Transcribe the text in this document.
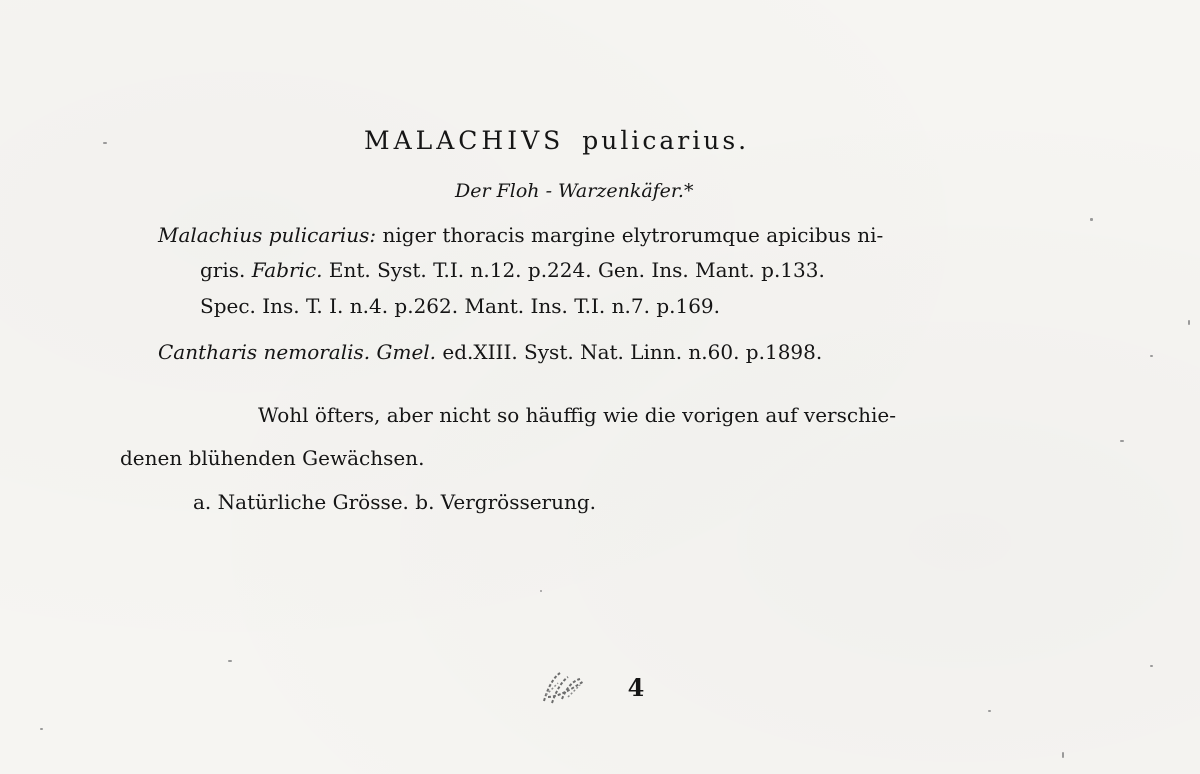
MALACHIVS pulicarius.
Der Floh - Warzenkäfer.*
Malachius pulicarius: niger thoracis margine elytrorumque apicibus ni-
gris. Fabric. Ent. Syst. T.I. n.12. p.224. Gen. Ins. Mant. p.133.
Spec. Ins. T. I. n.4. p.262. Mant. Ins. T.I. n.7. p.169.
Cantharis nemoralis. Gmel. ed.XIII. Syst. Nat. Linn. n.60. p.1898.
Wohl öfters, aber nicht so häuffig wie die vorigen auf verschie-
denen blühenden Gewächsen.
a. Natürliche Grösse. b. Vergrösserung.
4
